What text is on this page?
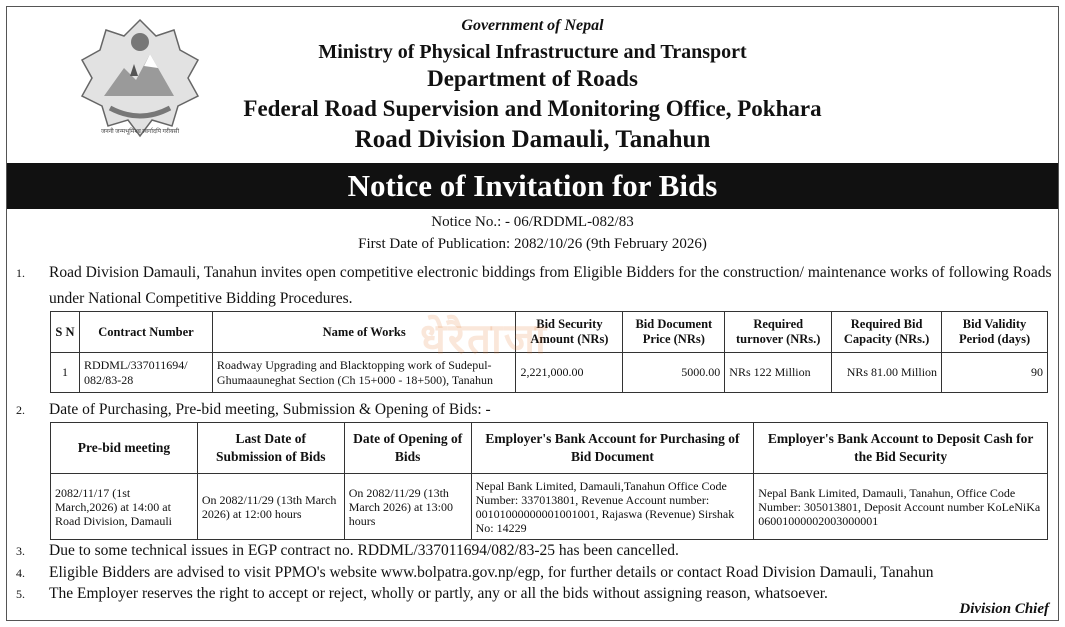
जननी जन्मभूमिश्च स्वर्गादपि गरीयसी
Government of Nepal
Ministry of Physical Infrastructure and Transport
Department of Roads
Federal Road Supervision and Monitoring Office, Pokhara
Road Division Damauli, Tanahun
Notice of Invitation for Bids
Notice No.: - 06/RDDML-082/83
First Date of Publication: 2082/10/26 (9th February 2026)
1.	Road Division Damauli, Tanahun invites open competitive electronic biddings from Eligible Bidders for the construction/ maintenance works of following Roads under National Competitive Bidding Procedures.
S N	Contract Number	Name of Works	Bid Security Amount (NRs)	Bid Document Price (NRs)	Required turnover (NRs.)	Required Bid Capacity (NRs.)	Bid Validity Period (days)
1	RDDML/337011694/ 082/83-28	Roadway Upgrading and Blacktopping work of Sudepul-Ghumaauneghat Section (Ch 15+000 - 18+500), Tanahun	2,221,000.00	5000.00	NRs 122 Million	NRs 81.00 Million	90
धेरैताजा
2.	Date of Purchasing, Pre-bid meeting, Submission & Opening of Bids: -
Pre-bid meeting	Last Date of Submission of Bids	Date of Opening of Bids	Employer's Bank Account for Purchasing of Bid Document	Employer's Bank Account to Deposit Cash for the Bid Security
2082/11/17 (1st March,2026) at 14:00 at Road Division, Damauli	On 2082/11/29 (13th March 2026) at 12:00 hours	On 2082/11/29 (13th March 2026) at 13:00 hours	Nepal Bank Limited, Damauli,Tanahun Office Code Number: 337013801, Revenue Account number: 00101000000001001001, Rajaswa (Revenue) Sirshak No: 14229	Nepal Bank Limited, Damauli, Tanahun, Office Code Number: 305013801, Deposit Account number KoLeNiKa 06001000002003000001
3.	Due to some technical issues in EGP contract no. RDDML/337011694/082/83-25 has been cancelled.
4.	Eligible Bidders are advised to visit PPMO's website www.bolpatra.gov.np/egp, for further details or contact Road Division Damauli, Tanahun
5.	The Employer reserves the right to accept or reject, wholly or partly, any or all the bids without assigning reason, whatsoever.
Division Chief
